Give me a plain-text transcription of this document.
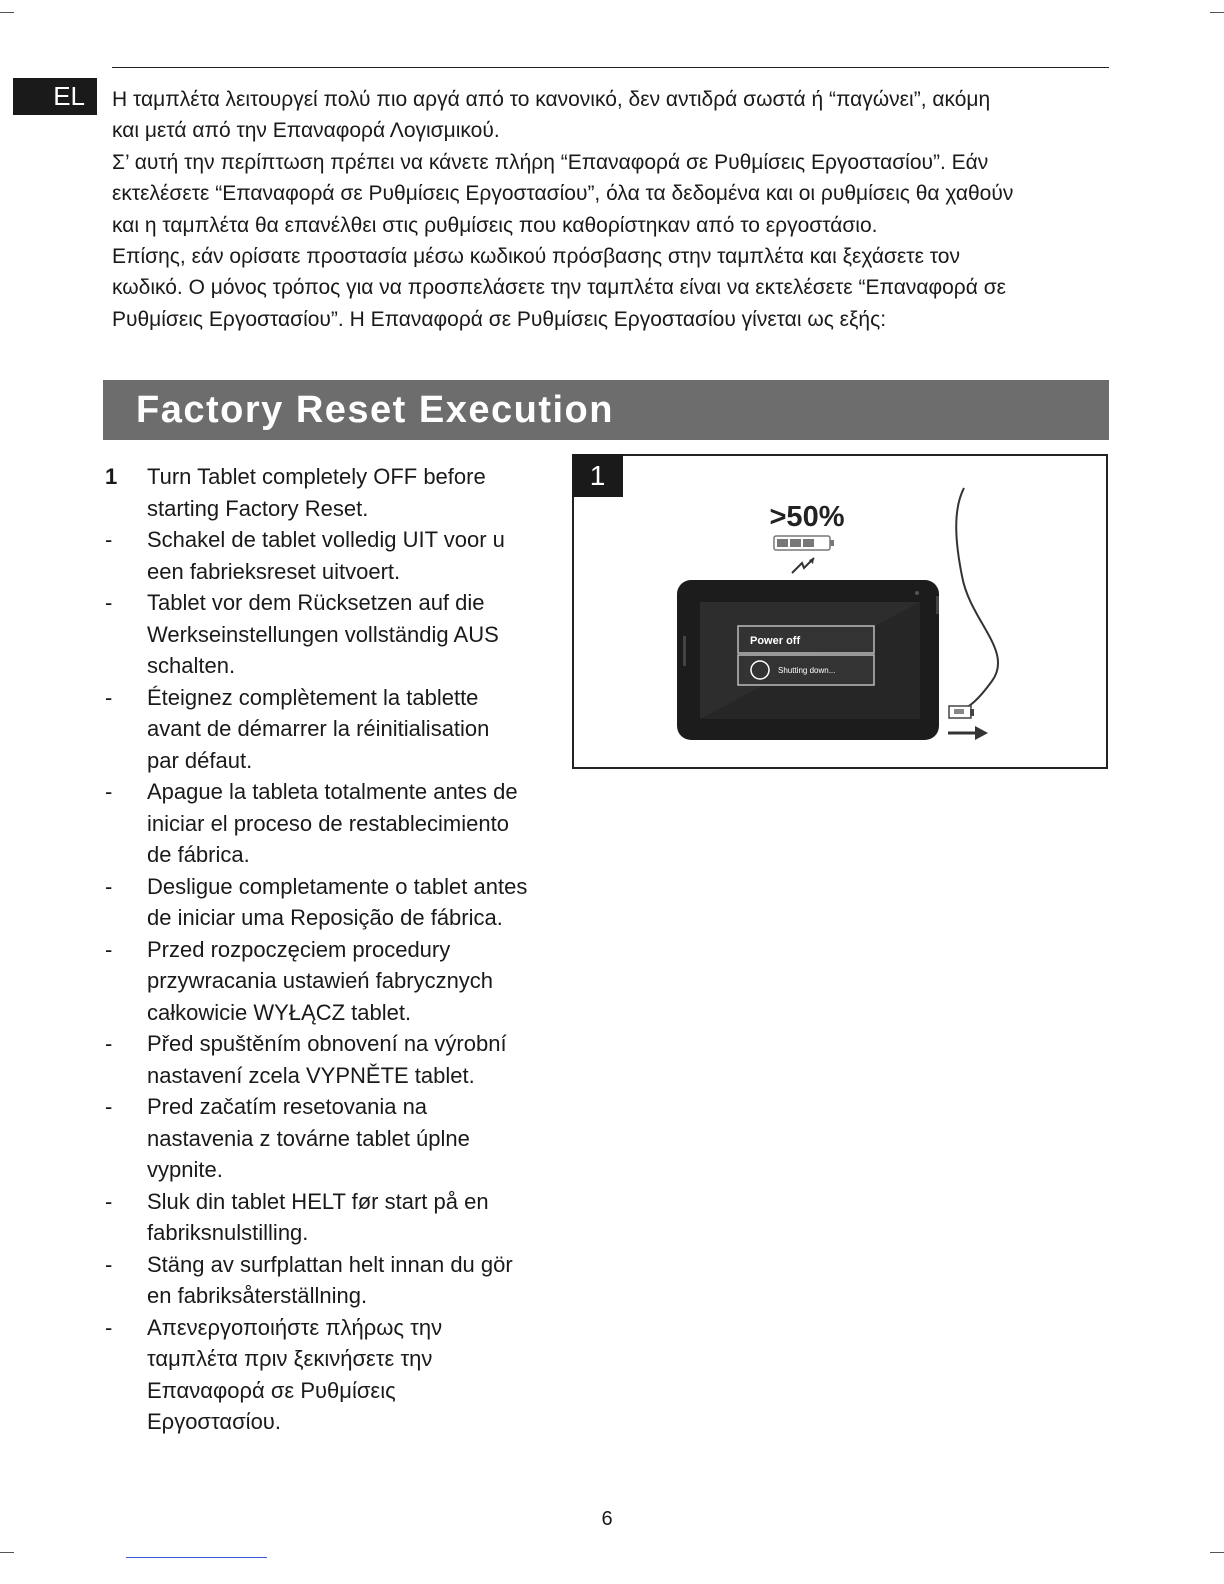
EL	Η ταμπλέτα λειτουργεί πολύ πιο αργά από το κανονικό, δεν αντιδρά σωστά ή “παγώνει”, ακόμη

και μετά από την Επαναφορά Λογισμικού.

Σ’ αυτή την περίπτωση πρέπει να κάνετε πλήρη “Επαναφορά σε Ρυθμίσεις Εργοστασίου”. Εάν

εκτελέσετε “Επαναφορά σε Ρυθμίσεις Εργοστασίου”, όλα τα δεδομένα και οι ρυθμίσεις θα χαθούν

και η ταμπλέτα θα επανέλθει στις ρυθμίσεις που καθορίστηκαν από το εργοστάσιο.

Επίσης, εάν ορίσατε προστασία μέσω κωδικού πρόσβασης στην ταμπλέτα και ξεχάσετε τον

κωδικό. Ο μόνος τρόπος για να προσπελάσετε την ταμπλέτα είναι να εκτελέσετε “Επαναφορά σε

Ρυθμίσεις Εργοστασίου”. Η Επαναφορά σε Ρυθμίσεις Εργοστασίου γίνεται ως εξής:

Factory Reset Execution
1	Turn Tablet completely OFF before
starting Factory Reset.
-	Schakel de tablet volledig UIT voor u
een fabrieksreset uitvoert.
-	Tablet vor dem Rücksetzen auf die
Werkseinstellungen vollständig AUS
schalten.
-	Éteignez complètement la tablette
avant de démarrer la réinitialisation
par défaut.
-	Apague la tableta totalmente antes de
iniciar el proceso de restablecimiento
de fábrica.
-	Desligue completamente o tablet antes
de iniciar uma Reposição de fábrica.
-	Przed rozpoczęciem procedury
przywracania ustawień fabrycznych
całkowicie WYŁĄCZ tablet.
-	Před spuštěním obnovení na výrobní
nastavení zcela VYPNĚTE tablet.
-	Pred začatím resetovania na
nastavenia z továrne tablet úplne
vypnite.
-	Sluk din tablet HELT før start på en
fabriksnulstilling.
-	Stäng av surfplattan helt innan du gör
en fabriksåterställning.
-	Απενεργοποιήστε πλήρως την
ταμπλέτα πριν ξεκινήσετε την
Επαναφορά σε Ρυθμίσεις
Εργοστασίου.
1
>50%
Power off
Shutting down...
6
